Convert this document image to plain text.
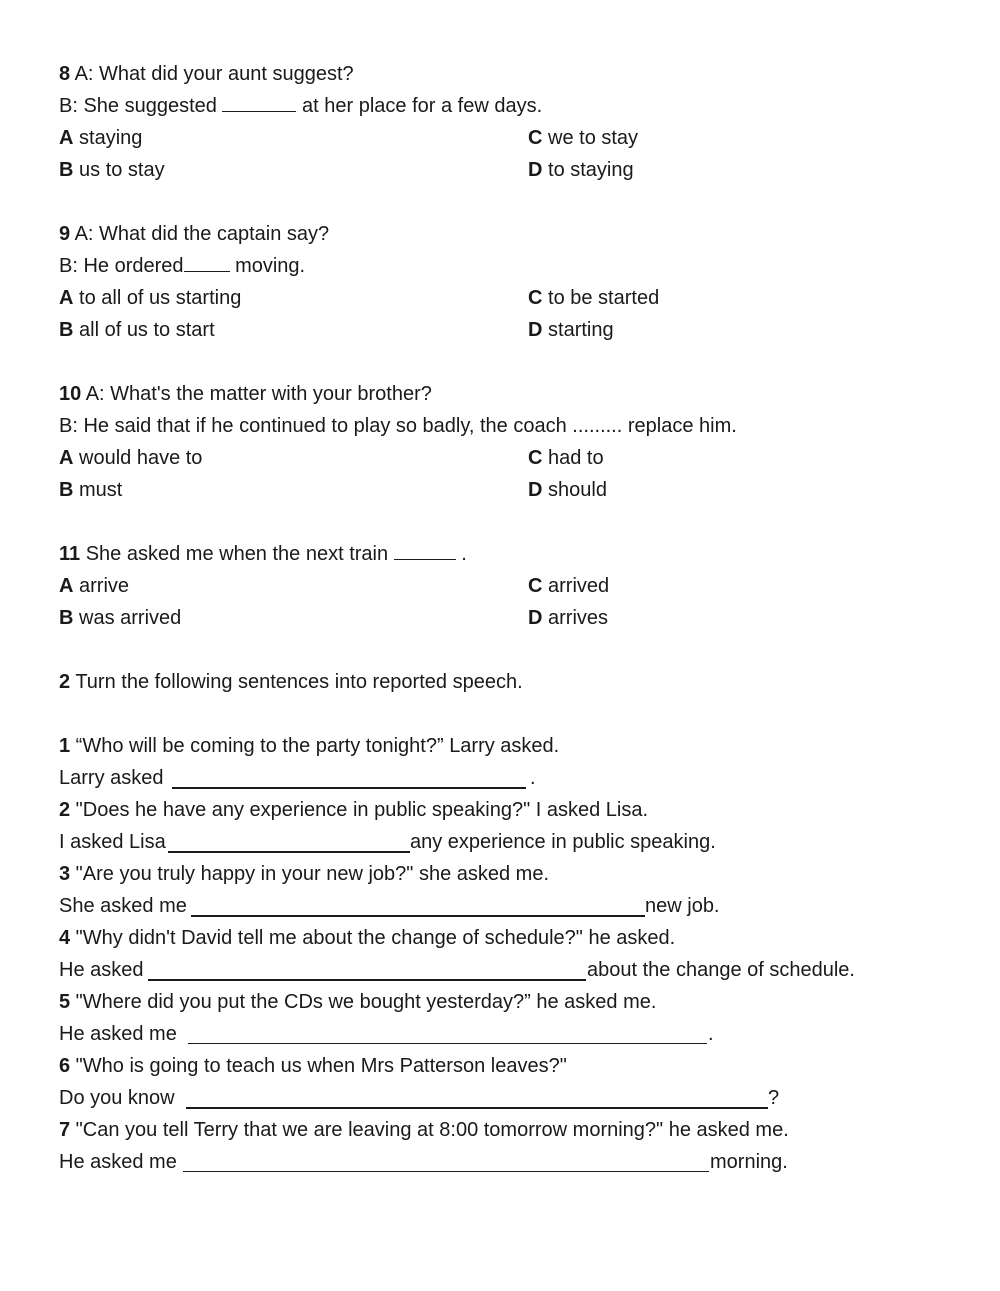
8 A: What did your aunt suggest?
B: She suggested	at her place for a few days.
A staying	C we to stay
B us to stay	D to staying
9 A: What did the captain say?
B: He ordered moving.
A to all of us starting	C to be started
B all of us to start	D starting
10 A: What's the matter with your brother?
B: He said that if he continued to play so badly, the coach ......... replace him.
A would have to	C had to
B must	D should
11 She asked me when the next train	.
A arrive	C arrived
B was arrived	D arrives
2 Turn the following sentences into reported speech.
1 “Who will be coming to the party tonight?” Larry asked.
Larry asked	.
2 "Does he have any experience in public speaking?" I asked Lisa.
I asked Lisa	any experience in public speaking.
3 "Are you truly happy in your new job?" she asked me.
She asked me	new job.
4 "Why didn't David tell me about the change of schedule?" he asked.
He asked	about the change of schedule.
5 "Where did you put the CDs we bought yesterday?” he asked me.
He asked me	.
6 "Who is going to teach us when Mrs Patterson leaves?"
Do you know	?
7 "Can you tell Terry that we are leaving at 8:00 tomorrow morning?" he asked me.
He asked me	morning.
